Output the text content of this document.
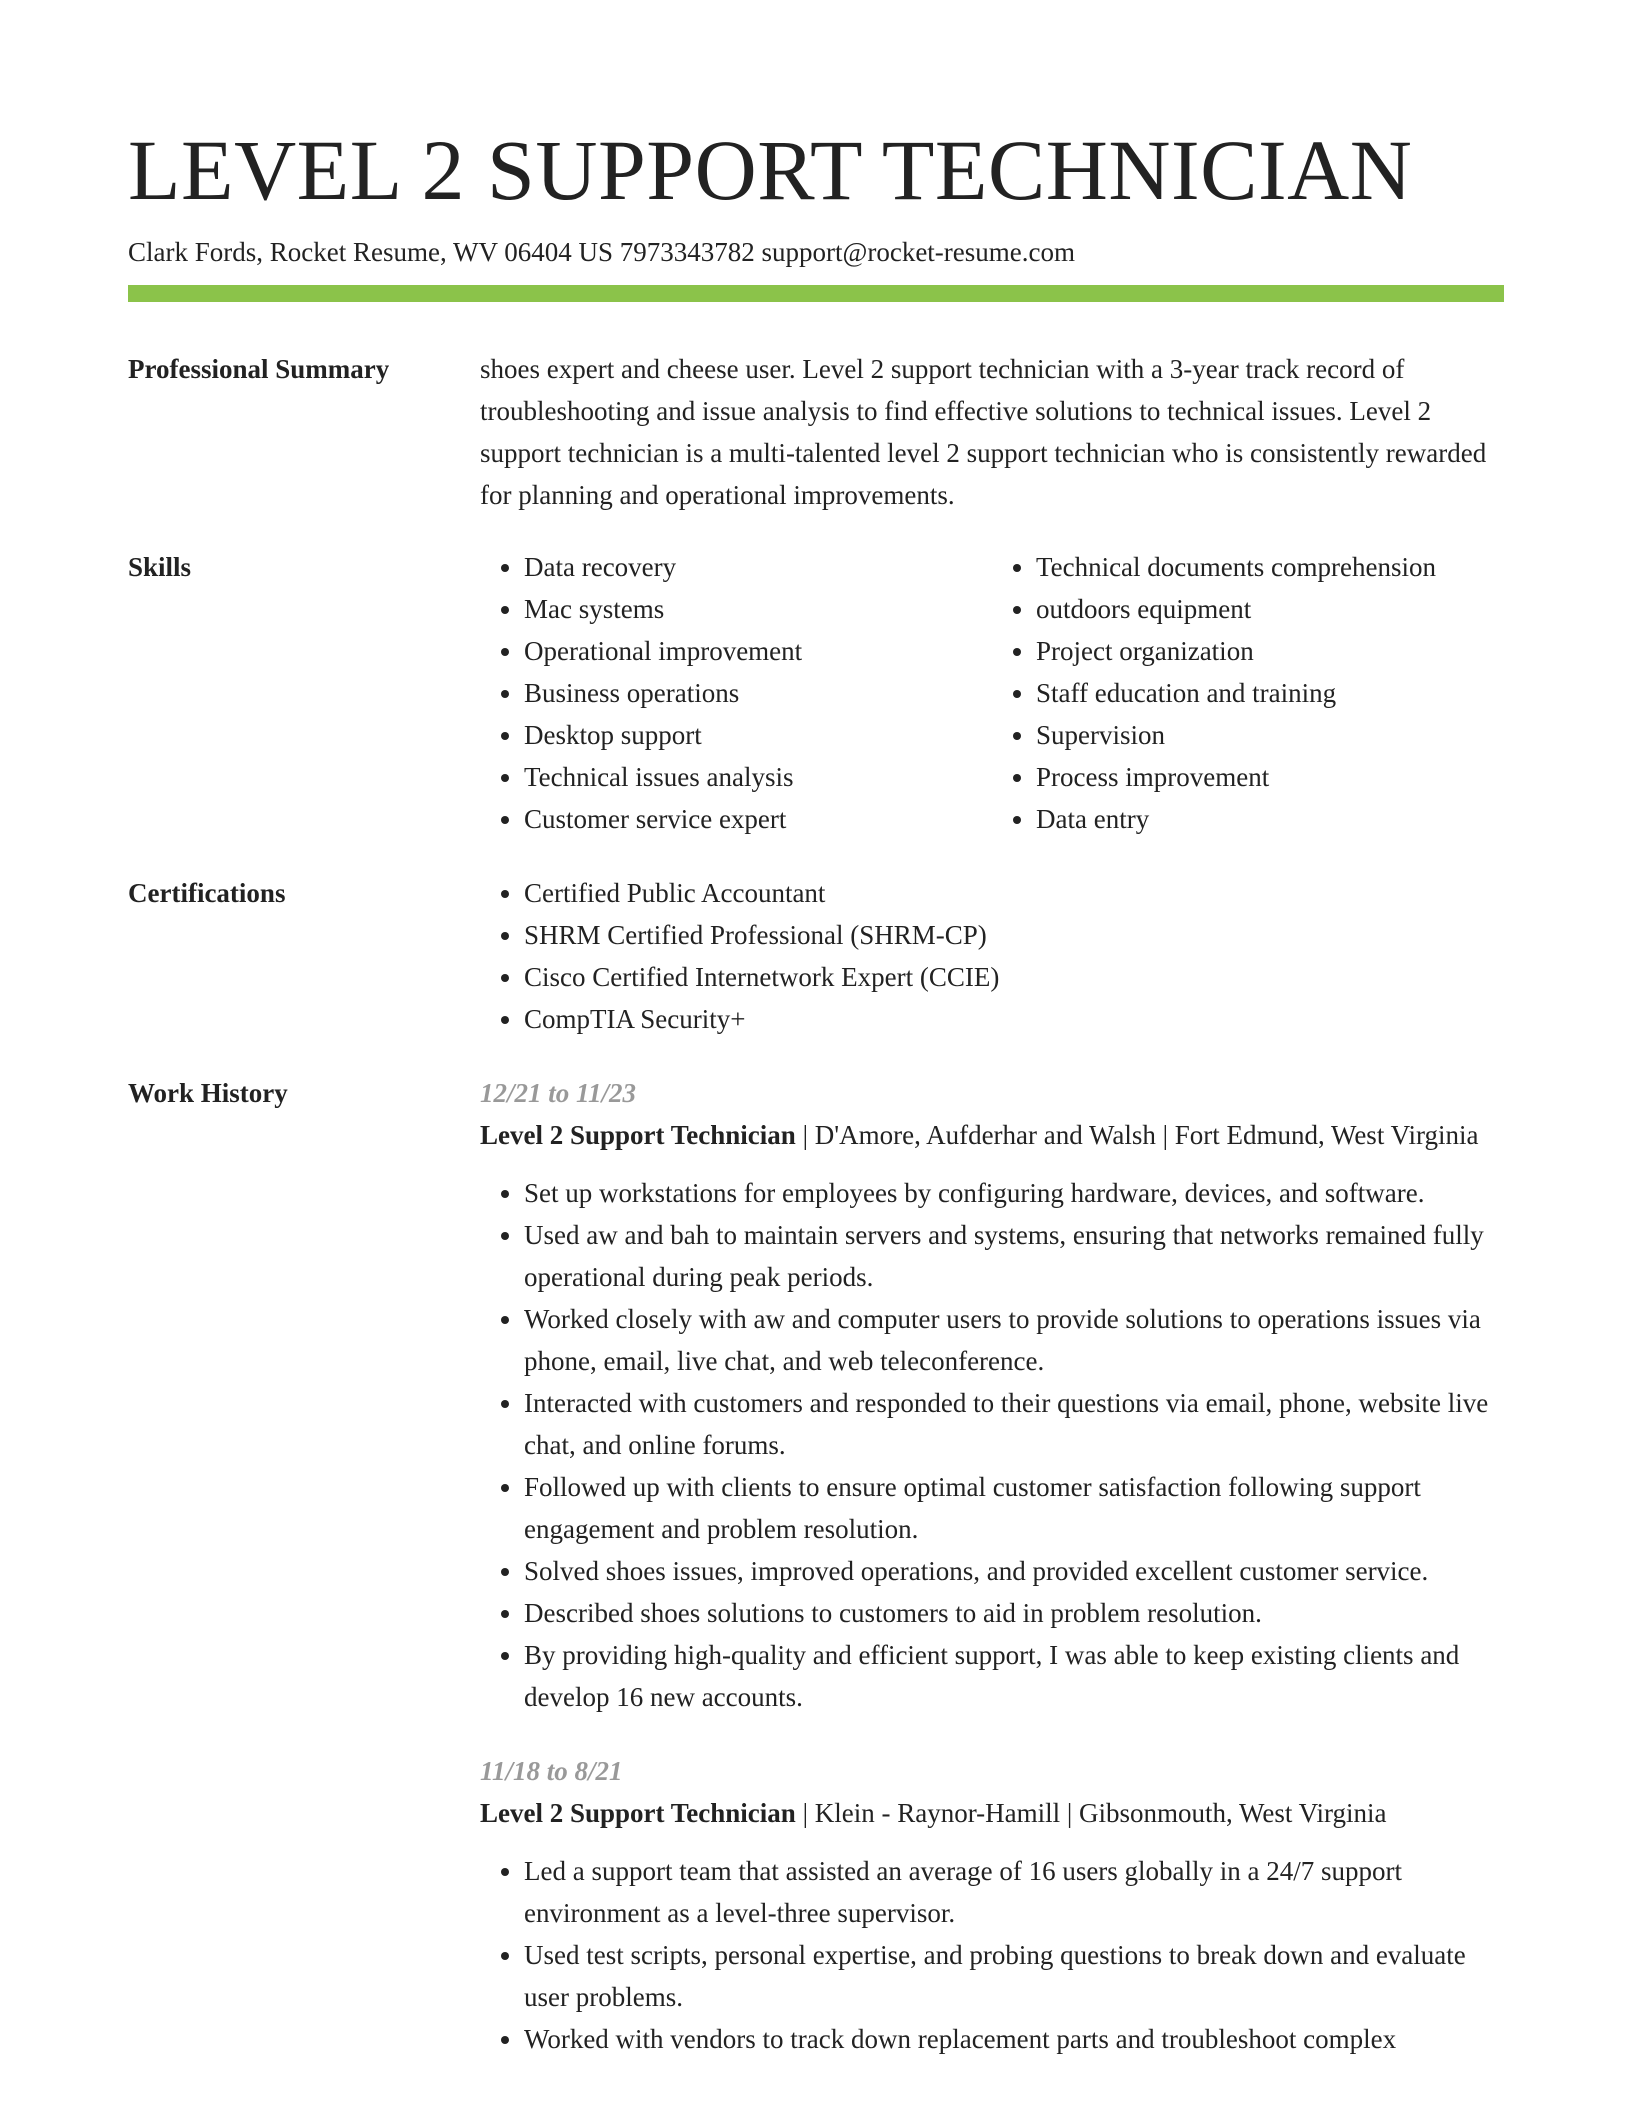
LEVEL 2 SUPPORT TECHNICIAN
Clark Fords, Rocket Resume, WV 06404 US 7973343782 support@rocket-resume.com
Professional Summary	shoes expert and cheese user. Level 2 support technician with a 3-year track record of troubleshooting and issue analysis to find effective solutions to technical issues. Level 2 support technician is a multi-talented level 2 support technician who is consistently rewarded for planning and operational improvements.

Skills	• Data recovery
• Mac systems
• Operational improvement
• Business operations
• Desktop support
• Technical issues analysis
• Customer service expert
• Technical documents comprehension
• outdoors equipment
• Project organization
• Staff education and training
• Supervision
• Process improvement
• Data entry
Certifications	• Certified Public Accountant
• SHRM Certified Professional (SHRM-CP)
• Cisco Certified Internetwork Expert (CCIE)
• CompTIA Security+
Work History	12/21 to 11/23
Level 2 Support Technician | D'Amore, Aufderhar and Walsh | Fort Edmund, West Virginia
• Set up workstations for employees by configuring hardware, devices, and software.
• Used aw and bah to maintain servers and systems, ensuring that networks remained fully operational during peak periods.
• Worked closely with aw and computer users to provide solutions to operations issues via phone, email, live chat, and web teleconference.
• Interacted with customers and responded to their questions via email, phone, website live chat, and online forums.
• Followed up with clients to ensure optimal customer satisfaction following support engagement and problem resolution.
• Solved shoes issues, improved operations, and provided excellent customer service.
• Described shoes solutions to customers to aid in problem resolution.
• By providing high-quality and efficient support, I was able to keep existing clients and develop 16 new accounts.
11/18 to 8/21
Level 2 Support Technician | Klein - Raynor-Hamill | Gibsonmouth, West Virginia
• Led a support team that assisted an average of 16 users globally in a 24/7 support environment as a level-three supervisor.
• Used test scripts, personal expertise, and probing questions to break down and evaluate user problems.
• Worked with vendors to track down replacement parts and troubleshoot complex
